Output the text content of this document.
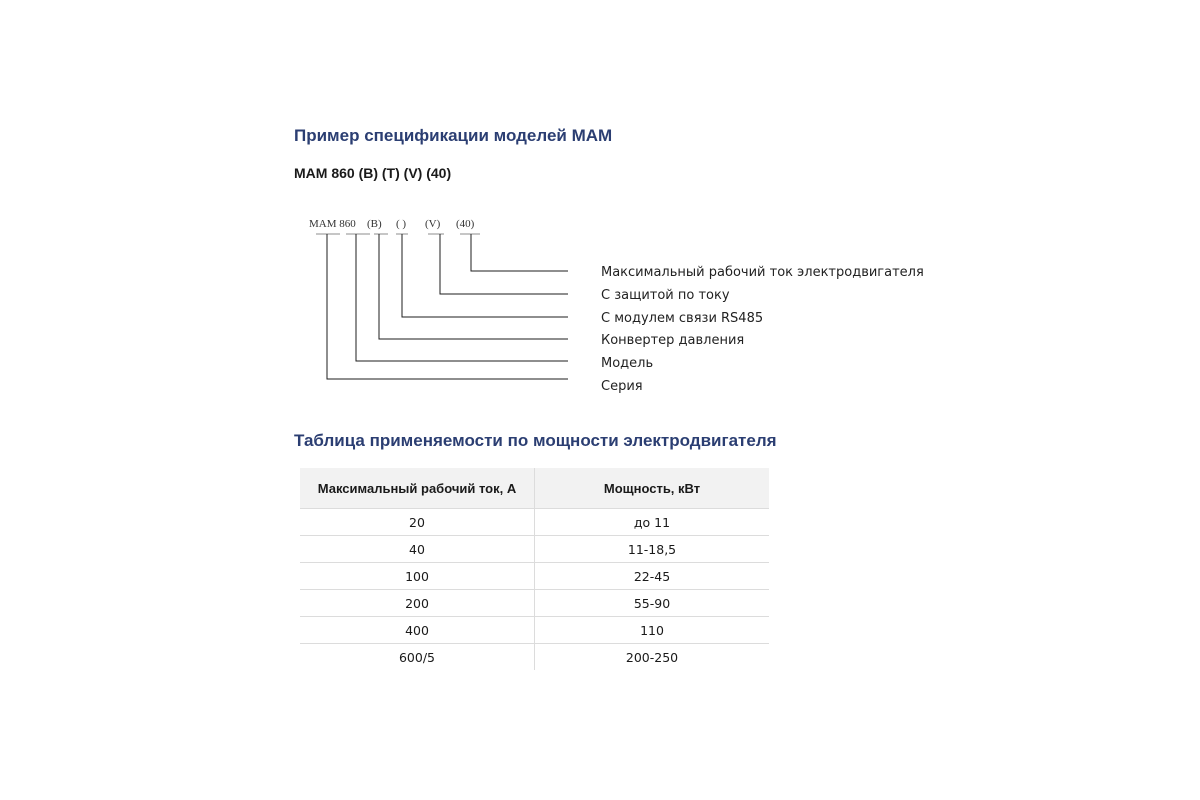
Пример спецификации моделей МАМ
МАМ 860 (B) (T) (V) (40)
MAM 860 (B) ( ) (V) (40)
Максимальный рабочий ток электродвигателя
С защитой по току
С модулем связи RS485
Конвертер давления
Модель
Серия
Таблица применяемости по мощности электродвигателя
Максимальный рабочий ток, А	Мощность, кВт
20	до 11
40	11-18,5
100	22-45
200	55-90
400	110
600/5	200-250
